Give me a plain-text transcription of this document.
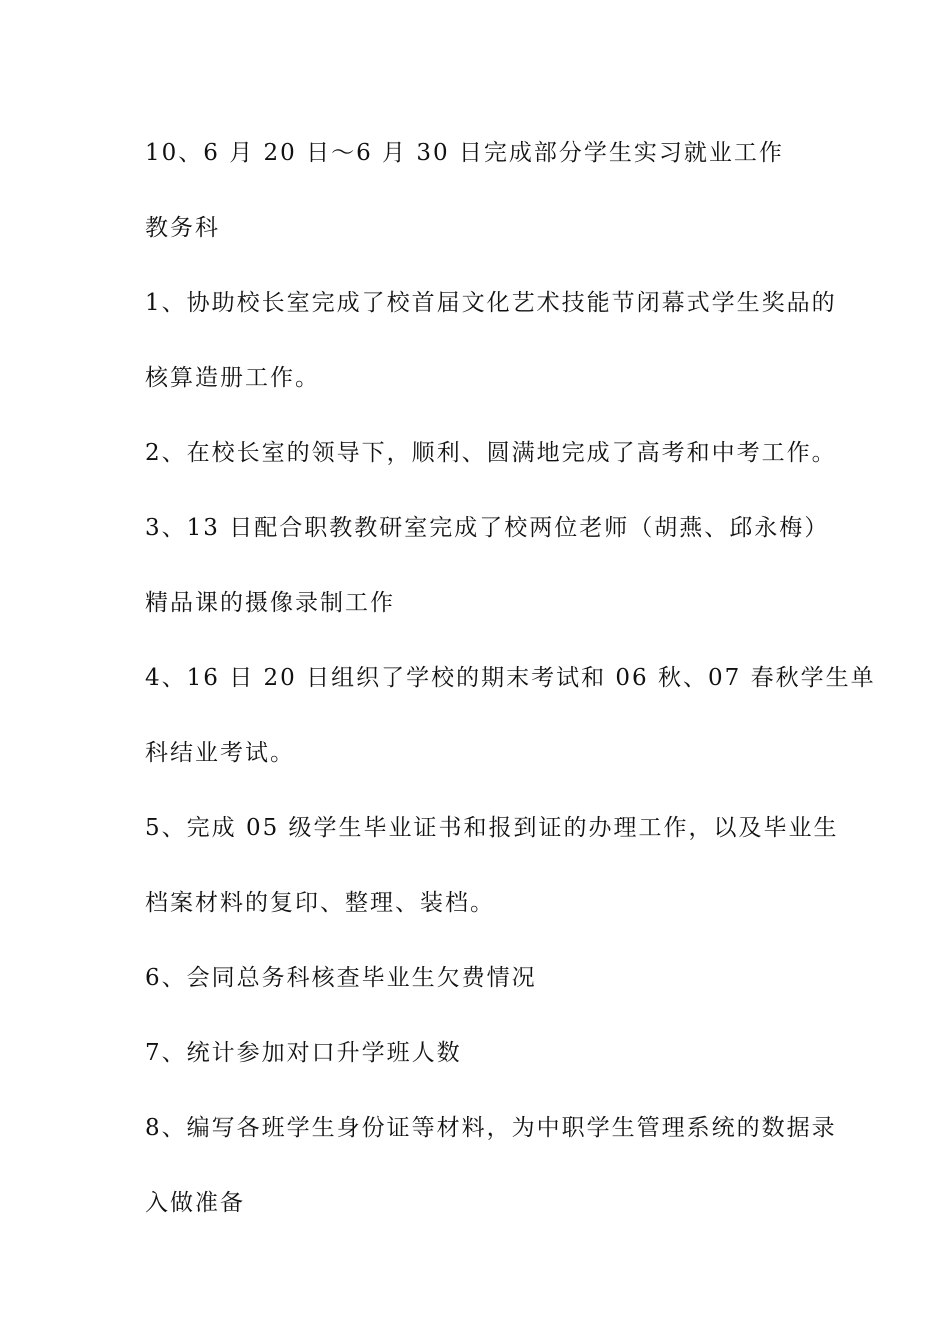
10、6 月 20 日～6 月 30 日完成部分学生实习就业工作

教务科

1、协助校长室完成了校首届文化艺术技能节闭幕式学生奖品的

核算造册工作。

2、在校长室的领导下，顺利、圆满地完成了高考和中考工作。

3、13 日配合职教教研室完成了校两位老师（胡燕、邱永梅）

精品课的摄像录制工作

4、16 日 20 日组织了学校的期末考试和 06 秋、07 春秋学生单

科结业考试。

5、完成 05 级学生毕业证书和报到证的办理工作，以及毕业生

档案材料的复印、整理、装档。

6、会同总务科核查毕业生欠费情况

7、统计参加对口升学班人数

8、编写各班学生身份证等材料，为中职学生管理系统的数据录

入做准备
